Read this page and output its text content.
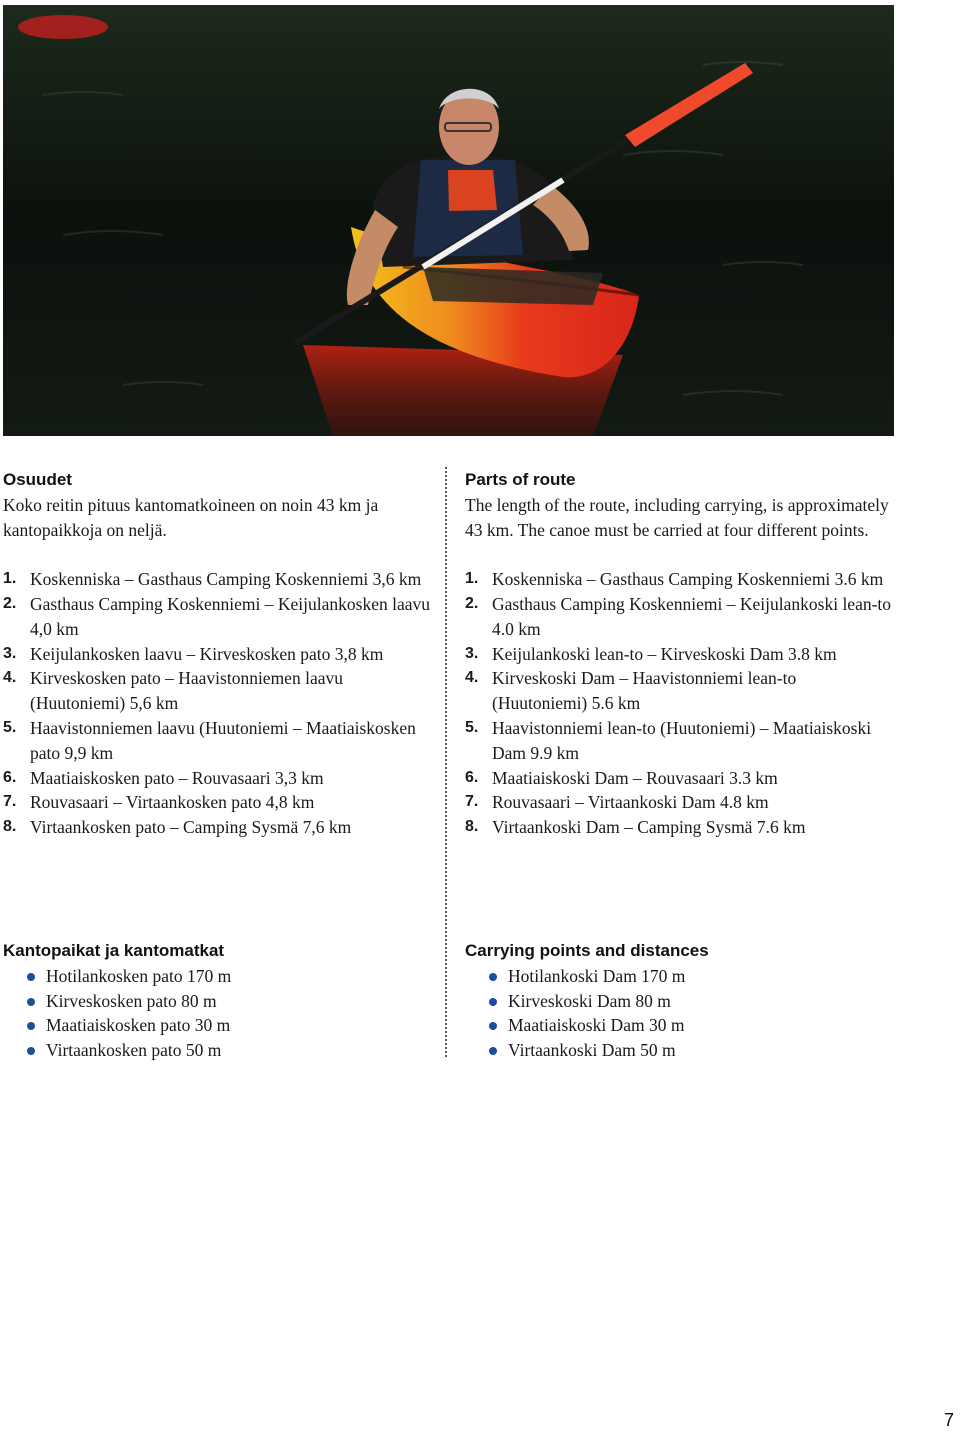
Osuudet

Koko reitin pituus kantomatkoineen on noin 43 km ja kantopaikkoja on neljä.

1. Koskenniska – Gasthaus Camping Koskenniemi 3,6 km
2. Gasthaus Camping Koskenniemi – Keijulankosken laavu 4,0 km
3. Keijulankosken laavu – Kirveskosken pato 3,8 km
4. Kirveskosken pato – Haavistonniemen laavu (Huutoniemi) 5,6 km
5. Haavistonniemen laavu (Huutoniemi – Maatiaiskosken pato 9,9 km
6. Maatiaiskosken pato – Rouvasaari 3,3 km
7. Rouvasaari – Virtaankosken pato 4,8 km
8. Virtaankosken pato – Camping Sysmä 7,6 km
Parts of route

The length of the route, including carrying, is approximately 43 km. The canoe must be carried at four different points.

1. Koskenniska – Gasthaus Camping Koskenniemi 3.6 km
2. Gasthaus Camping Koskenniemi – Keijulankoski lean-to 4.0 km
3. Keijulankoski lean-to – Kirveskoski Dam 3.8 km
4. Kirveskoski Dam – Haavistonniemi lean-to (Huutoniemi) 5.6 km
5. Haavistonniemi lean-to (Huutoniemi) – Maatiaiskoski Dam 9.9 km
6. Maatiaiskoski Dam – Rouvasaari 3.3 km
7. Rouvasaari – Virtaankoski Dam 4.8 km
8. Virtaankoski Dam – Camping Sysmä 7.6 km
Kantopaikat ja kantomatkat
Hotilankosken pato 170 m
Kirveskosken pato 80 m
Maatiaiskosken pato 30 m
Virtaankosken pato 50 m
Carrying points and distances
Hotilankoski Dam 170 m
Kirveskoski Dam 80 m
Maatiaiskoski Dam 30 m
Virtaankoski Dam 50 m
7
